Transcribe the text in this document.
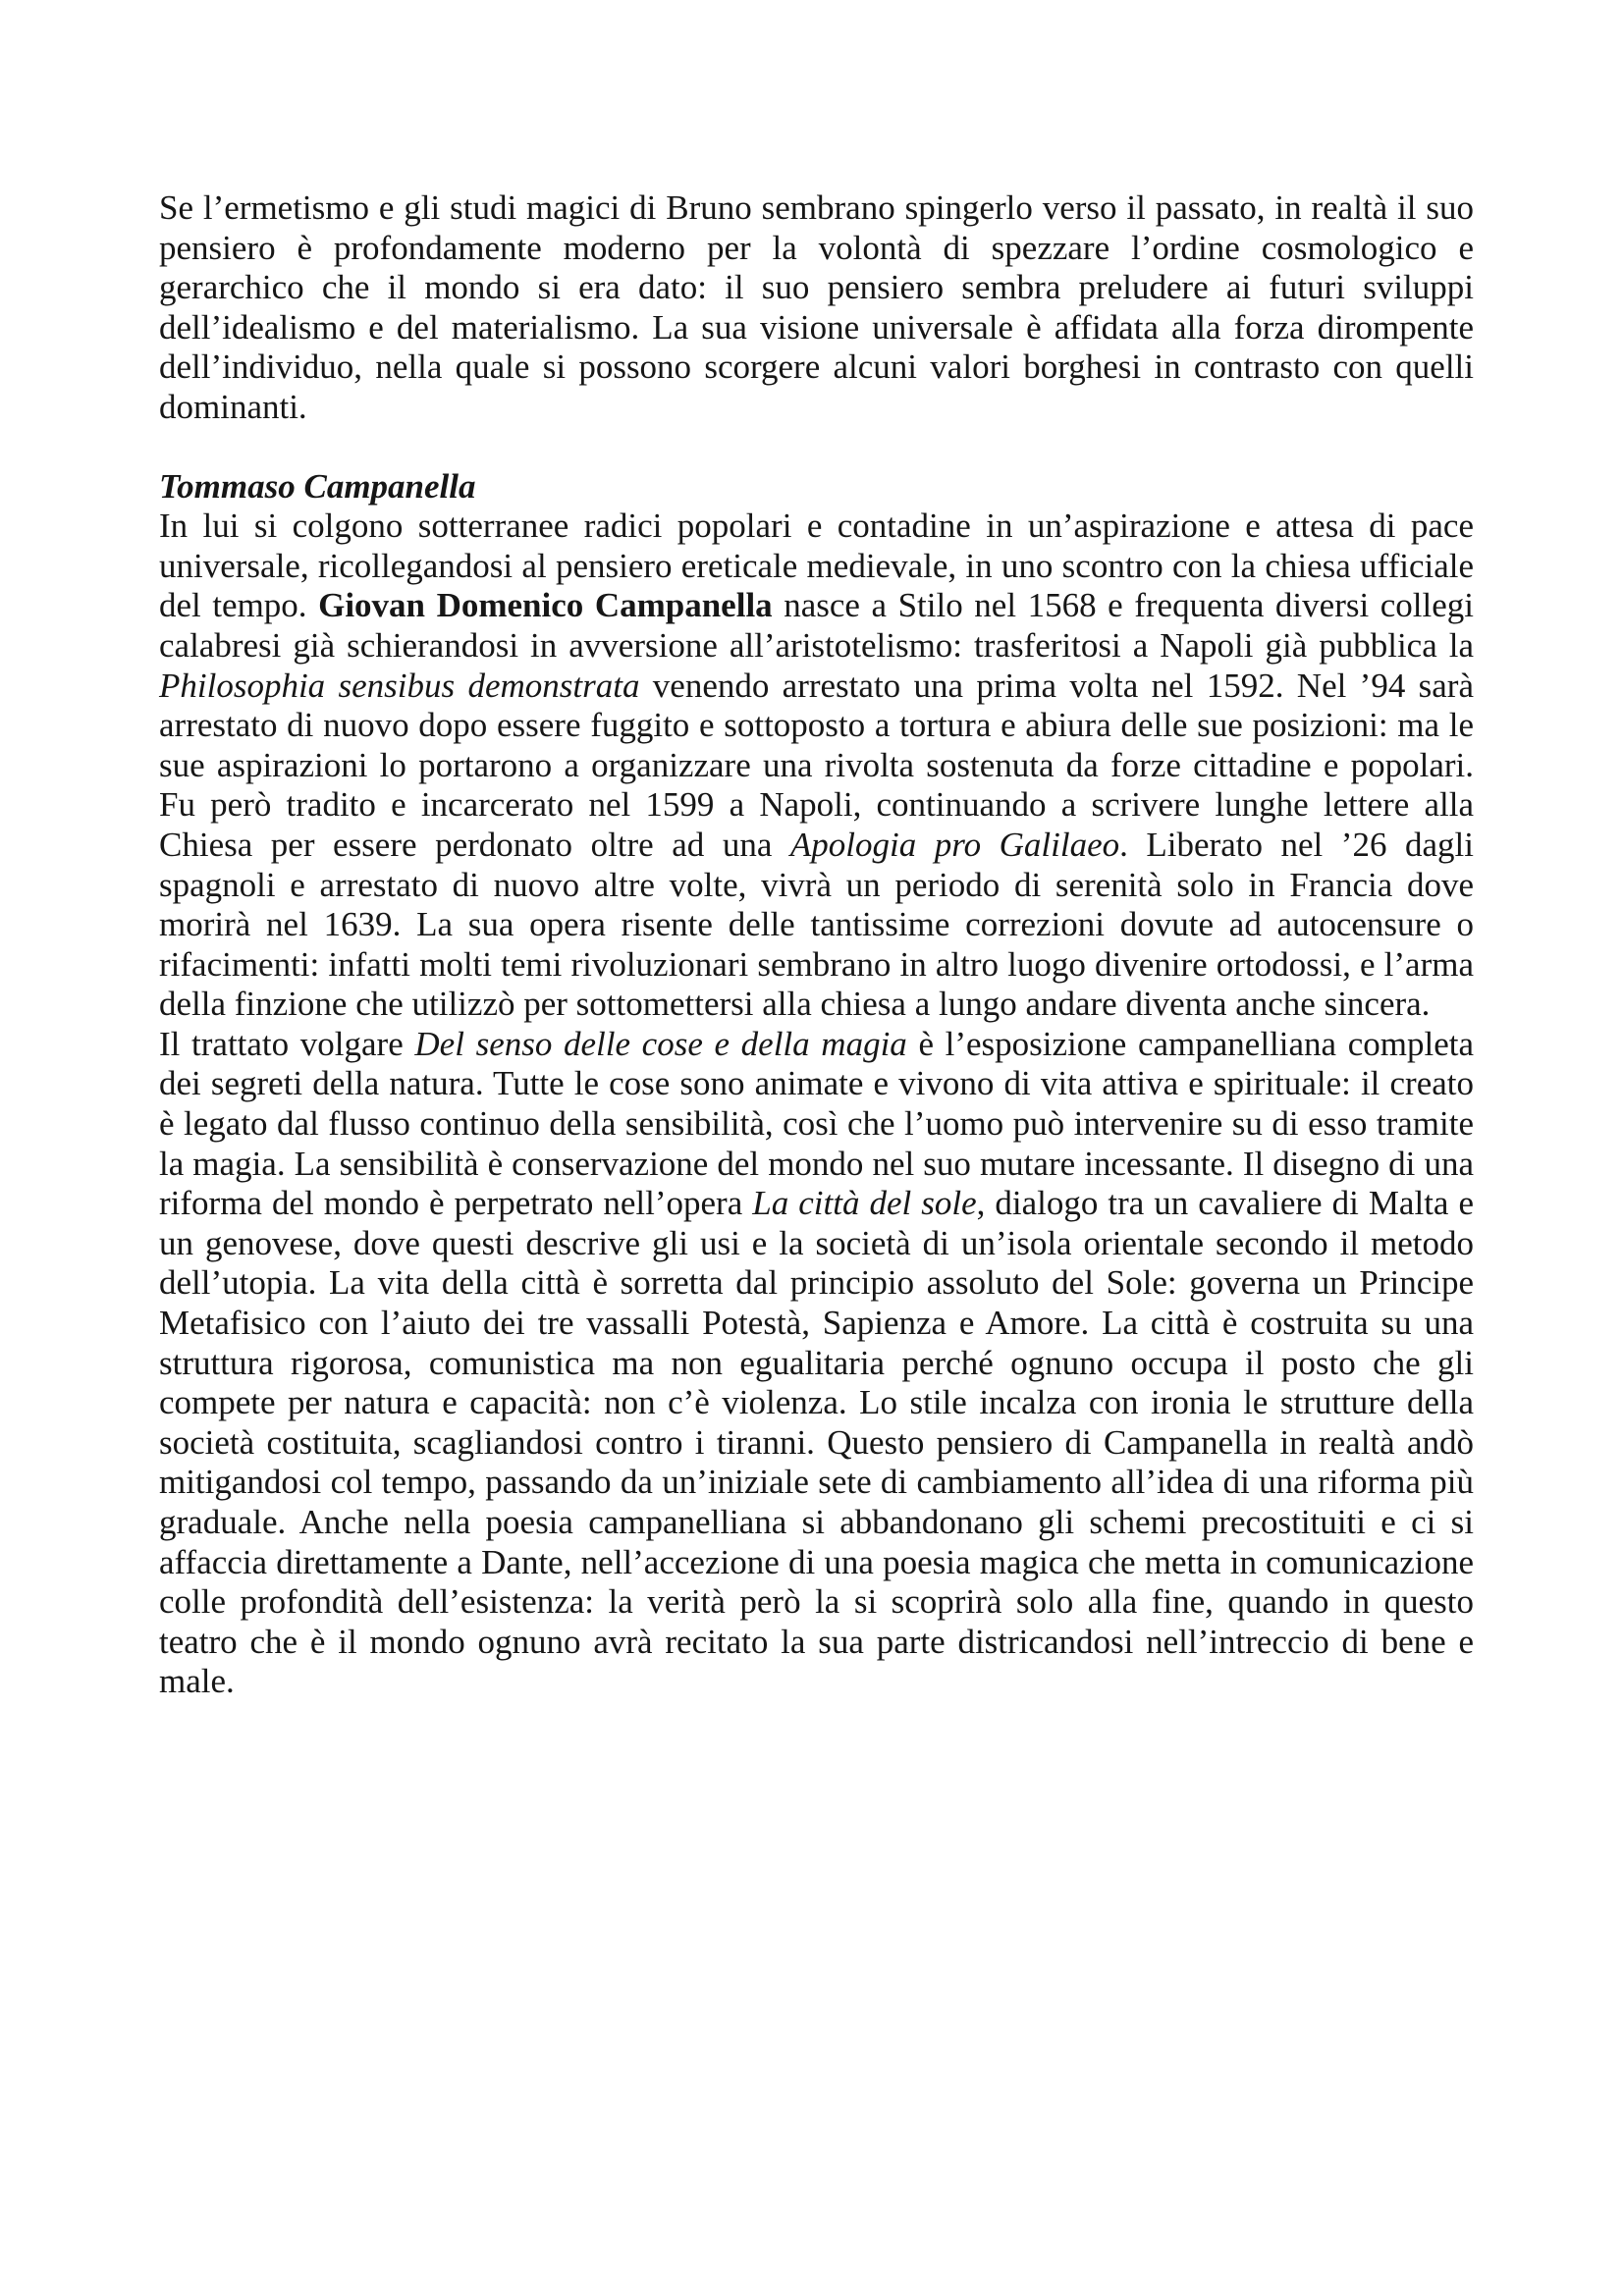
Se l’ermetismo e gli studi magici di Bruno sembrano spingerlo verso il passato, in realtà il suo pensiero è profondamente moderno per la volontà di spezzare l’ordine cosmologico e gerarchico che il mondo si era dato: il suo pensiero sembra preludere ai futuri sviluppi dell’idealismo e del materialismo. La sua visione universale è affidata alla forza dirompente dell’individuo, nella quale si possono scorgere alcuni valori borghesi in contrasto con quelli dominanti.

Tommaso Campanella

In lui si colgono sotterranee radici popolari e contadine in un’aspirazione e attesa di pace universale, ricollegandosi al pensiero ereticale medievale, in uno scontro con la chiesa ufficiale del tempo. Giovan Domenico Campanella nasce a Stilo nel 1568 e frequenta diversi collegi calabresi già schierandosi in avversione all’aristotelismo: trasferitosi a Napoli già pubblica la Philosophia sensibus demonstrata venendo arrestato una prima volta nel 1592. Nel ’94 sarà arrestato di nuovo dopo essere fuggito e sottoposto a tortura e abiura delle sue posizioni: ma le sue aspirazioni lo portarono a organizzare una rivolta sostenuta da forze cittadine e popolari. Fu però tradito e incarcerato nel 1599 a Napoli, continuando a scrivere lunghe lettere alla Chiesa per essere perdonato oltre ad una Apologia pro Galilaeo. Liberato nel ’26 dagli spagnoli e arrestato di nuovo altre volte, vivrà un periodo di serenità solo in Francia dove morirà nel 1639. La sua opera risente delle tantissime correzioni dovute ad autocensure o rifacimenti: infatti molti temi rivoluzionari sembrano in altro luogo divenire ortodossi, e l’arma della finzione che utilizzò per sottomettersi alla chiesa a lungo andare diventa anche sincera.

Il trattato volgare Del senso delle cose e della magia è l’esposizione campanelliana completa dei segreti della natura. Tutte le cose sono animate e vivono di vita attiva e spirituale: il creato è legato dal flusso continuo della sensibilità, così che l’uomo può intervenire su di esso tramite la magia. La sensibilità è conservazione del mondo nel suo mutare incessante. Il disegno di una riforma del mondo è perpetrato nell’opera La città del sole, dialogo tra un cavaliere di Malta e un genovese, dove questi descrive gli usi e la società di un’isola orientale secondo il metodo dell’utopia. La vita della città è sorretta dal principio assoluto del Sole: governa un Principe Metafisico con l’aiuto dei tre vassalli Potestà, Sapienza e Amore. La città è costruita su una struttura rigorosa, comunistica ma non egualitaria perché ognuno occupa il posto che gli compete per natura e capacità: non c’è violenza. Lo stile incalza con ironia le strutture della società costituita, scagliandosi contro i tiranni. Questo pensiero di Campanella in realtà andò mitigandosi col tempo, passando da un’iniziale sete di cambiamento all’idea di una riforma più graduale. Anche nella poesia campanelliana si abbandonano gli schemi precostituiti e ci si affaccia direttamente a Dante, nell’accezione di una poesia magica che metta in comunicazione colle profondità dell’esistenza: la verità però la si scoprirà solo alla fine, quando in questo teatro che è il mondo ognuno avrà recitato la sua parte districandosi nell’intreccio di bene e male.
